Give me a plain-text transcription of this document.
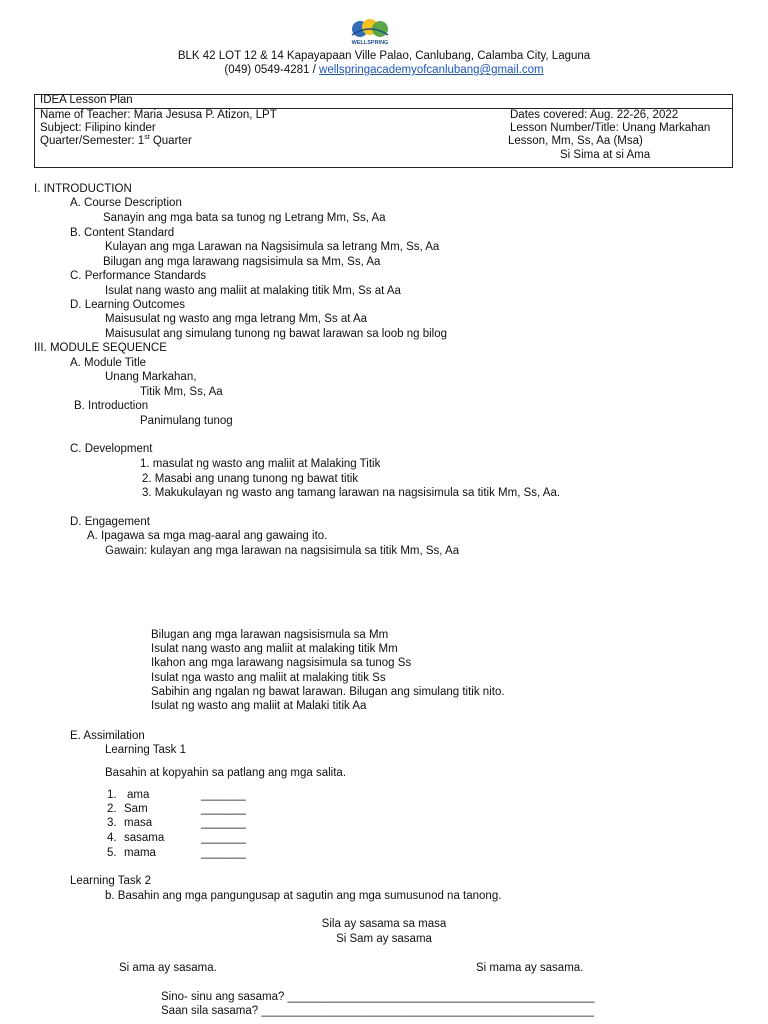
WELLSPRING
BLK 42 LOT 12 & 14 Kapayapaan Ville Palao, Canlubang, Calamba City, Laguna
(049) 0549-4281 / wellspringacademyofcanlubang@gmail.com
IDEA Lesson Plan
Name of Teacher: Maria Jesusa P. Atizon, LPT
Subject: Filipino kinder
Quarter/Semester: 1st Quarter
Dates covered: Aug. 22-26, 2022
Lesson Number/Title: Unang Markahan
Lesson, Mm, Ss, Aa (Msa)
Si Sima at si Ama
I. INTRODUCTION
A. Course Description
Sanayin ang mga bata sa tunog ng Letrang Mm, Ss, Aa
B. Content Standard
Kulayan ang mga Larawan na Nagsisimula sa letrang Mm, Ss, Aa
Bilugan ang mga larawang nagsisimula sa Mm, Ss, Aa
C. Performance Standards
Isulat nang wasto ang maliit at malaking titik Mm, Ss at Aa
D. Learning Outcomes
Maisusulat ng wasto ang mga letrang Mm, Ss at Aa
Maisusulat ang simulang tunong ng bawat larawan sa loob ng bilog
III. MODULE SEQUENCE
A. Module Title
Unang Markahan,
Titik Mm, Ss, Aa
B. Introduction
Panimulang tunog
C. Development
1. masulat ng wasto ang maliit at Malaking Titik
2. Masabi ang unang tunong ng bawat titik
3. Makukulayan ng wasto ang tamang larawan na nagsisimula sa titik Mm, Ss, Aa.
D. Engagement
A. Ipagawa sa mga mag-aaral ang gawaing ito.
Gawain: kulayan ang mga larawan na nagsisimula sa titik Mm, Ss, Aa
Bilugan ang mga larawan nagsisismula sa Mm
Isulat nang wasto ang maliit at malaking titik Mm
Ikahon ang mga larawang nagsisimula sa tunog Ss
Isulat nga wasto ang maliit at malaking titik Ss
Sabihin ang ngalan ng bawat larawan. Bilugan ang simulang titik nito.
Isulat ng wasto ang maliit at Malaki titik Aa
E. Assimilation
Learning Task 1
Basahin at kopyahin sa patlang ang mga salita.
1. ama	_______
2. Sam	_______
3. masa	_______
4. sasama	_______
5. mama	_______
Learning Task 2
b. Basahin ang mga pangungusap at sagutin ang mga sumusunod na tanong.
Sila ay sasama sa masa
Si Sam ay sasama
Si ama ay sasama.	Si mama ay sasama.
Sino- sinu ang sasama? ________________________________________________
Saan sila sasama? ____________________________________________________
